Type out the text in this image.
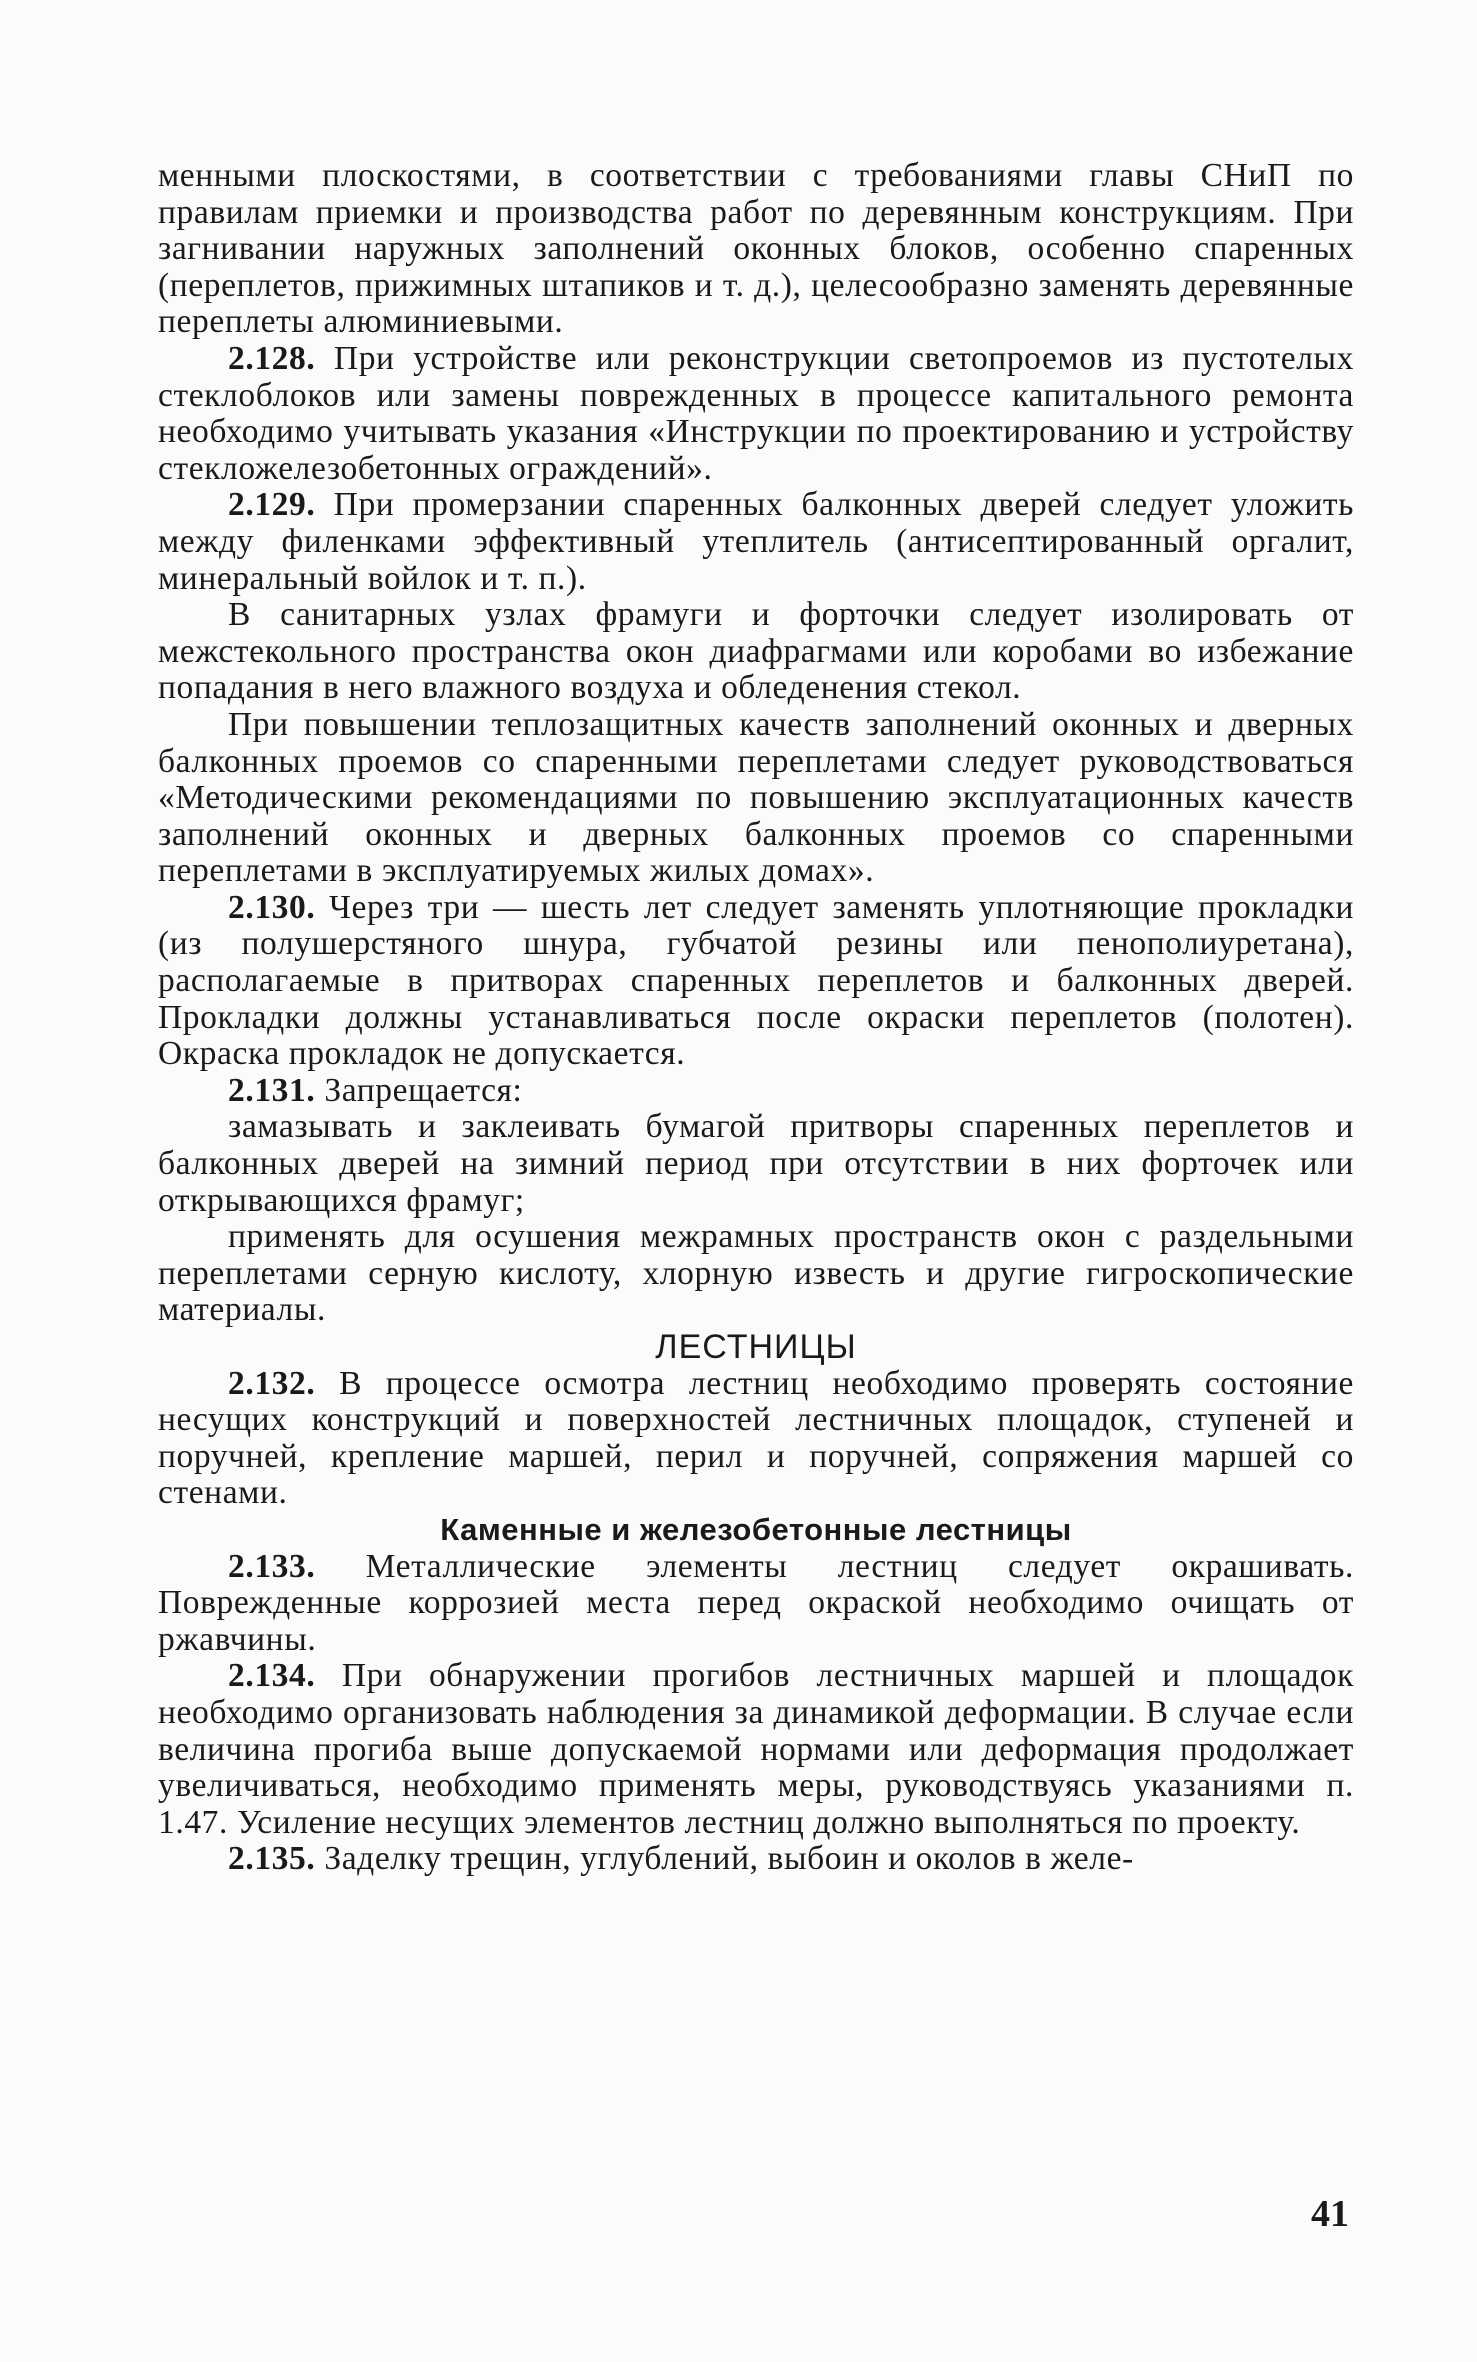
менными плоскостями, в соответствии с требованиями главы СНиП по правилам приемки и производства работ по деревянным конструкциям. При загнивании наружных заполнений оконных блоков, особенно спаренных (переплетов, прижимных штапиков и т. д.), целесообразно заменять деревянные переплеты алюминиевыми.

2.128. При устройстве или реконструкции светопроемов из пустотелых стеклоблоков или замены поврежденных в процессе капитального ремонта необходимо учитывать указания «Инструкции по проектированию и устройству стекложелезобетонных ограждений».

2.129. При промерзании спаренных балконных дверей следует уложить между филенками эффективный утеплитель (антисептированный оргалит, минеральный войлок и т. п.).

В санитарных узлах фрамуги и форточки следует изолировать от межстекольного пространства окон диафрагмами или коробами во избежание попадания в него влажного воздуха и обледенения стекол.

При повышении теплозащитных качеств заполнений оконных и дверных балконных проемов со спаренными переплетами следует руководствоваться «Методическими рекомендациями по повышению эксплуатационных качеств заполнений оконных и дверных балконных проемов со спаренными переплетами в эксплуатируемых жилых домах».

2.130. Через три — шесть лет следует заменять уплотняющие прокладки (из полушерстяного шнура, губчатой резины или пенополиуретана), располагаемые в притворах спаренных переплетов и балконных дверей. Прокладки должны устанавливаться после окраски переплетов (полотен). Окраска прокладок не допускается.

2.131. Запрещается:

замазывать и заклеивать бумагой притворы спаренных переплетов и балконных дверей на зимний период при отсутствии в них форточек или открывающихся фрамуг;

применять для осушения межрамных пространств окон с раздельными переплетами серную кислоту, хлорную известь и другие гигроскопические материалы.

ЛЕСТНИЦЫ

2.132. В процессе осмотра лестниц необходимо проверять состояние несущих конструкций и поверхностей лестничных площадок, ступеней и поручней, крепление маршей, перил и поручней, сопряжения маршей со стенами.

Каменные и железобетонные лестницы

2.133. Металлические элементы лестниц следует окрашивать. Поврежденные коррозией места перед окраской необходимо очищать от ржавчины.

2.134. При обнаружении прогибов лестничных маршей и площадок необходимо организовать наблюдения за динамикой деформации. В случае если величина прогиба выше допускаемой нормами или деформация продолжает увеличиваться, необходимо применять меры, руководствуясь указаниями п. 1.47. Усиление несущих элементов лестниц должно выполняться по проекту.

2.135. Заделку трещин, углублений, выбоин и околов в желе-

41
